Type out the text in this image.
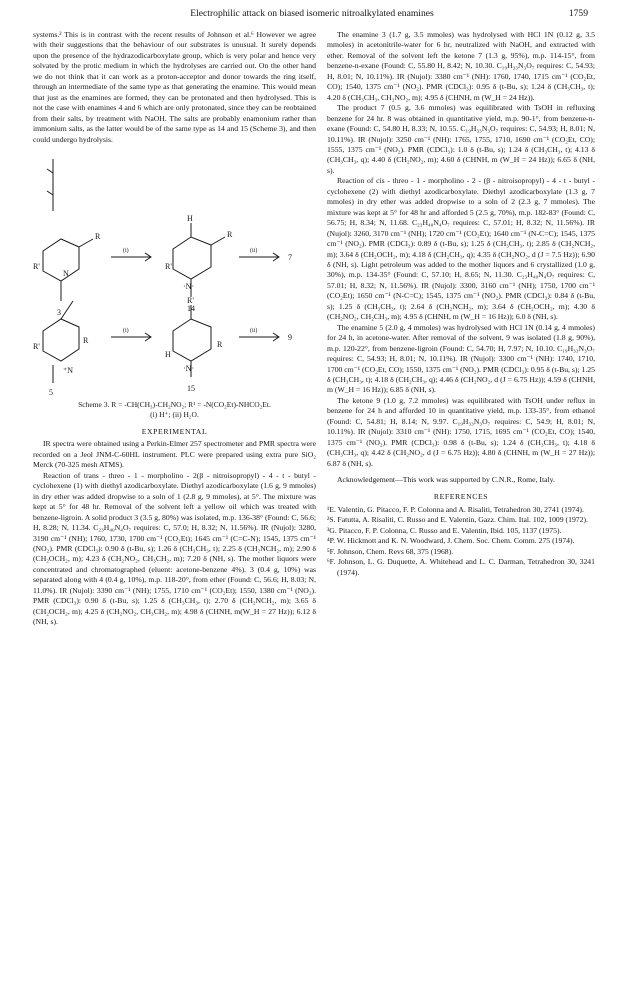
Electrophilic attack on biased isomeric nitroalkylated enamines	1759

systems.² This is in contrast with the recent results of Johnson et al.⁶ However we agree with their suggestions that the behaviour of our substrates is unusual. It surely depends upon the presence of the hydrazodicarboxylate group, which is very polar and hence very solvated by the protic medium in which the hydrolyses are carried out. On the other hand we do not think that it can work as a proton-acceptor and donor towards the ring itself, through an intermediate of the same type as that generating the enamine. This would mean that just as the enamines are formed, they can be protonated and then hydrolysed. This is not the case with enamines 4 and 6 which are only protonated, since they can be reobtained from their salts, by treatment with NaOH. The salts are probably enamonium rather than immonium salts, as the latter would be of the same type as 14 and 15 (Scheme 3), and then could undergo hydrolysis.

3	14
7
15
9
5
(i)	(ii)
(i)	(ii)
R
R'
N
H
R
R'
·N·
R'
R
H
·N·
R
R'
⁺N
Scheme 3. R = -CH(CH₃)-CH₂NO₂; R¹ = -N(CO₂Et)-NHCO₂Et.
(i) H⁺; (ii) H₂O.
EXPERIMENTAL

IR spectra were obtained using a Perkin-Elmer 257 spectrometer and PMR spectra were recorded on a Jeol JNM-C-60HL instrument. PLC were prepared using extra pure SiO₂ Merck (70-325 mesh ATMS).

Reaction of trans - threo - 1 - morpholino - 2(β - nitroisopropyl) - 4 - t - butyl - cyclohexene (1) with diethyl azodicarboxylate. Diethyl azodicarboxylate (1.6 g, 9 mmoles) in dry ether was added dropwise to a soln of 1 (2.8 g, 9 mmoles), at 5°. The mixture was kept at 5° for 48 hr. Removal of the solvent left a yellow oil which was treated with benzene-ligroin. A solid product 3 (3.5 g, 80%) was isolated, m.p. 136-38° (Found: C, 56.6; H, 8.28; N, 11.34. C₂₃H₄₀N₄O₇ requires: C, 57.0; H, 8.32; N, 11.56%). IR (Nujol): 3280, 3190 cm⁻¹ (NH); 1760, 1730, 1700 cm⁻¹ (CO₂Et); 1645 cm⁻¹ (C=C-N); 1545, 1375 cm⁻¹ (NO₂). PMR (CDCl₃): 0.90 δ (t-Bu, s); 1.26 δ (CH₃CH₃, t); 2.25 δ (CH₂NCH₂, m); 2.90 δ (CH₂OCH₂, m); 4.23 δ (CH₂NO₂, CH₃CH₂, m); 7.20 δ (NH, s). The mother liquors were concentrated and chromatographed (eluent: acetone-benzene 4%). 3 (0.4 g, 10%) was separated along with 4 (0.4 g, 10%), m.p. 118-20°, from ether (Found: C, 56.6; H, 8.03; N, 11.0%). IR (Nujol): 3390 cm⁻¹ (NH); 1755, 1710 cm⁻¹ (CO₂Et); 1550, 1380 cm⁻¹ (NO₂). PMR (CDCl₃): 0.90 δ (t-Bu, s); 1.25 δ (CH₃CH₃, t); 2.70 δ (CH₂NCH₂, m); 3.65 δ (CH₂OCH₂, m); 4.25 δ (CH₂NO₂, CH₃CH₂, m); 4.98 δ (CHNH, m(W_H = 27 Hz)); 6.12 δ (NH, s).

The enamine 3 (1.7 g, 3.5 mmoles) was hydrolysed with HCl 1N (0.12 g, 3.5 mmoles) in acetonitrile-water for 6 hr, neutralized with NaOH, and extracted with ether. Removal of the solvent left the ketone 7 (1.3 g, 95%), m.p. 114-15°, from benzene-n-exane (Found: C, 55.80 H, 8.42; N, 10.30. C₁₉H₃₃N₃O₇ requires: C, 54.93; H, 8.01; N, 10.11%). IR (Nujol): 3380 cm⁻¹ (NH): 1760, 1740, 1715 cm⁻¹ (CO₂Et, CO); 1540, 1375 cm⁻¹ (NO₂). PMR (CDCl₃): 0.95 δ (t-Bu, s); 1.24 δ (CH₃CH₃, t); 4.20 δ (CH₃CH₃, CH₂NO₂, m); 4.95 δ (CHNH, m (W_H = 24 Hz)).

The product 7 (0.5 g, 3.6 mmoles) was equilibrated with TsOH in refluxing benzene for 24 hr. 8 was obtained in quantitative yield, m.p. 90-1°, from benzene-n-exane (Found: C, 54.80 H, 8.33; N, 10.55. C₁₉H₃₃N₃O₇ requires: C, 54.93; H, 8.01; N, 10.11%). IR (Nujol): 3250 cm⁻¹ (NH): 1765, 1755, 1710, 1690 cm⁻¹ (CO₂Et, CO); 1555, 1375 cm⁻¹ (NO₂). PMR (CDCl₃): 1.0 δ (t-Bu, s); 1.24 δ (CH₃CH₃, t); 4.13 δ (CH₃CH₃, q); 4.40 δ (CH₂NO₂, m); 4.60 δ (CHNH, m (W_H = 24 Hz)); 6.65 δ (NH, s).

Reaction of cis - threo - 1 - morpholino - 2 - (β - nitroisopropyl) - 4 - t - butyl - cyclohexene (2) with diethyl azodicarboxylate. Diethyl azodicarboxylate (1.3 g, 7 mmoles) in dry ether was added dropwise to a soln of 2 (2.3 g, 7 mmoles). The mixture was kept at 5° for 48 hr and afforded 5 (2.5 g, 70%), m.p. 182-83° (Found: C, 56.75; H, 8.34; N, 11.68. C₂₃H₄₀N₄O₇ requires: C, 57.01; H, 8.32; N, 11.56%). IR (Nujol): 3260, 3170 cm⁻¹ (NH); 1720 cm⁻¹ (CO₂Et); 1640 cm⁻¹ (N-C=C); 1545, 1375 cm⁻¹ (NO₂). PMR (CDCl₃): 0.89 δ (t-Bu, s); 1.25 δ (CH₃CH₃, t); 2.85 δ (CH₂NCH₂, m); 3.64 δ (CH₂OCH₂, m); 4.18 δ (CH₂CH₃, q); 4.35 δ (CH₂NO₂, d (J = 7.5 Hz)); 6.90 δ (NH, s). Light petroleum was added to the mother liquors and 6 crystallized (1.0 g, 30%), m.p. 134-35° (Found: C, 57.10; H, 8.65; N, 11.30. C₂₃H₄₀N₄O₇ requires: C, 57.01; H, 8.32; N, 11.56%). IR (Nujol): 3300, 3160 cm⁻¹ (NH); 1750, 1700 cm⁻¹ (CO₂Et); 1650 cm⁻¹ (N-C=C); 1545, 1375 cm⁻¹ (NO₂). PMR (CDCl₃): 0.84 δ (t-Bu, s); 1.25 δ (CH₃CH₃, t); 2.64 δ (CH₂NCH₂, m); 3.64 δ (CH₂OCH₂, m); 4.30 δ (CH₂NO₂, CH₂CH₃, m); 4.95 δ (CHNH, m (W_H = 16 Hz)); 6.0 δ (NH, s).

The enamine 5 (2.0 g, 4 mmoles) was hydrolysed with HCl 1N (0.14 g, 4 mmoles) for 24 h, in acetone-water. After removal of the solvent, 9 was isolated (1.8 g, 90%), m.p. 120-22°, from benzene-ligroin (Found: C, 54.70; H, 7.97; N, 10.10. C₁₉H₃₃N₃O₇ requires: C, 54.93; H, 8.01; N, 10.11%). IR (Nujol): 3300 cm⁻¹ (NH): 1740, 1710, 1700 cm⁻¹ (CO₂Et, CO); 1550, 1375 cm⁻¹ (NO₂). PMR (CDCl₃): 0.95 δ (t-Bu, s); 1.25 δ (CH₃CH₃, t); 4.18 δ (CH₂CH₃, q); 4.46 δ (CH₂NO₂, d (J = 6.75 Hz)); 4.59 δ (CHNH, m (W_H = 16 Hz)); 6.85 δ (NH, s).

The ketone 9 (1.0 g, 7.2 mmoles) was equilibrated with TsOH under reflux in benzene for 24 h and afforded 10 in quantitative yield, m.p. 133-35°, from ethanol (Found: C, 54.81; H, 8.14; N, 9.97. C₁₉H₃₃N₃O₇ requires: C, 54.9; H, 8.01; N, 10.11%). IR (Nujol): 3310 cm⁻¹ (NH): 1750, 1715, 1695 cm⁻¹ (CO₂Et, CO); 1540, 1375 cm⁻¹ (NO₂). PMR (CDCl₃): 0.98 δ (t-Bu, s); 1.24 δ (CH₃CH₃, t); 4.18 δ (CH₃CH₃, q); 4.42 δ (CH₂NO₂, d (J = 6.75 Hz)); 4.80 δ (CHNH, m (W_H = 27 Hz)); 6.87 δ (NH, s).

Acknowledgement—This work was supported by C.N.R., Rome, Italy.

REFERENCES
¹E. Valentin, G. Pitacco, F. P. Colonna and A. Risaliti, Tetrahedron 30, 2741 (1974).
²S. Fatutta, A. Risaliti, C. Russo and E. Valentin, Gazz. Chim. Ital. 102, 1009 (1972).
³G. Pitacco, F. P. Colonna, C. Russo and E. Valentin, Ibid. 105, 1137 (1975).
⁴P. W. Hickmott and K. N. Woodward, J. Chem. Soc. Chem. Comm. 275 (1974).
⁵F. Johnson, Chem. Revs 68, 375 (1968).
⁶F. Johnson, L. G. Duquette, A. Whitehead and L. C. Darman, Tetrahedron 30, 3241 (1974).
